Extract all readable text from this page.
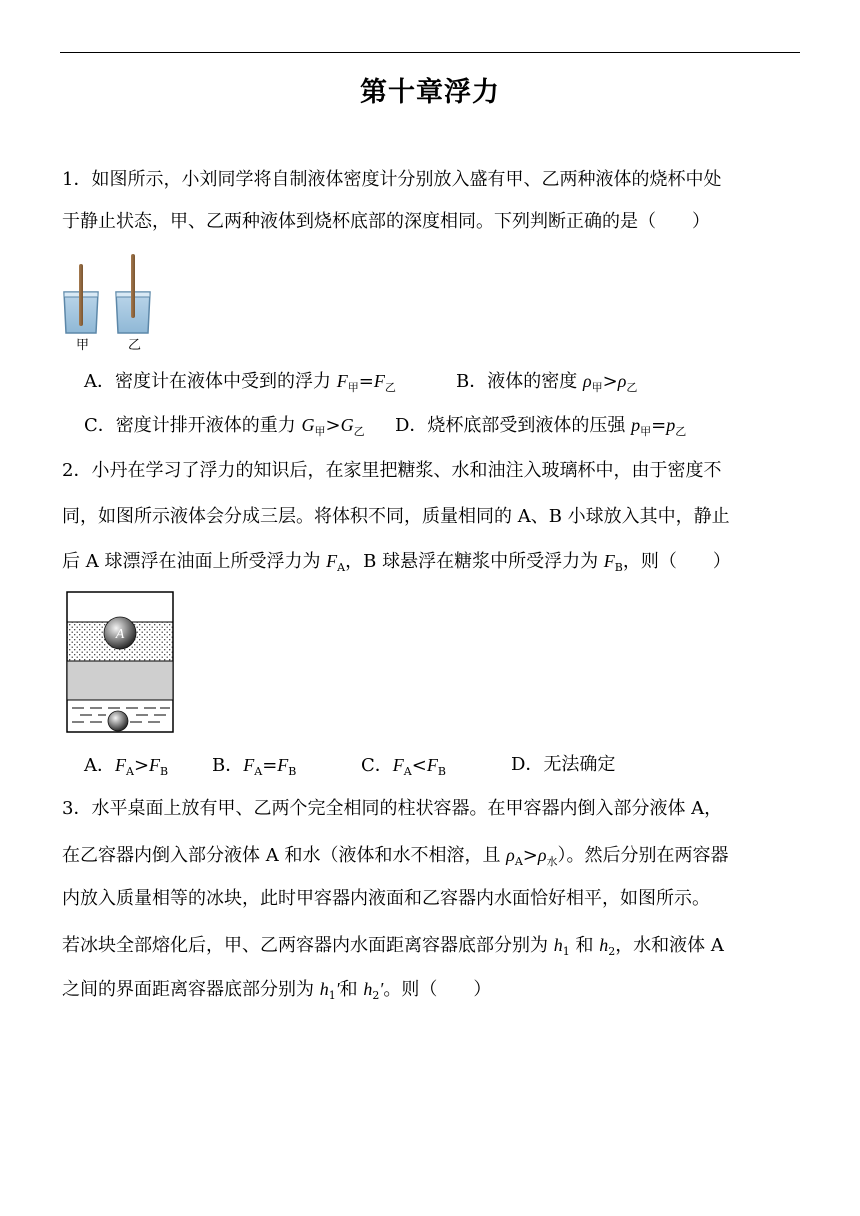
第十章浮力
1．如图所示，小刘同学将自制液体密度计分别放入盛有甲、乙两种液体的烧杯中处
于静止状态，甲、乙两种液体到烧杯底部的深度相同。下列判断正确的是（　　）
甲	乙
A．密度计在液体中受到的浮力 $F_甲=F_乙$	B．液体的密度 $\rho_甲>\rho_乙$
C．密度计排开液体的重力 $G_甲>G_乙$ D．烧杯底部受到液体的压强 $p_甲=p_乙$
2．小丹在学习了浮力的知识后，在家里把糖浆、水和油注入玻璃杯中，由于密度不
同，如图所示液体会分成三层。将体积不同，质量相同的 A、B 小球放入其中，静止
后 A 球漂浮在油面上所受浮力为 $F_A$，B 球悬浮在糖浆中所受浮力为 $F_B$，则（　　）
A
A．$F_A>F_B$ B．$F_A=F_B$	C．$F_A<F_B$	D．无法确定
3．水平桌面上放有甲、乙两个完全相同的柱状容器。在甲容器内倒入部分液体 A，
在乙容器内倒入部分液体 A 和水（液体和水不相溶，且 $\rho_A>\rho_水$）。然后分别在两容器
内放入质量相等的冰块，此时甲容器内液面和乙容器内水面恰好相平，如图所示。
若冰块全部熔化后，甲、乙两容器内水面距离容器底部分别为 $h_1$ 和 $h_2$，水和液体 A
之间的界面距离容器底部分别为 $h_1'$和 $h_2'$。则（　　）
